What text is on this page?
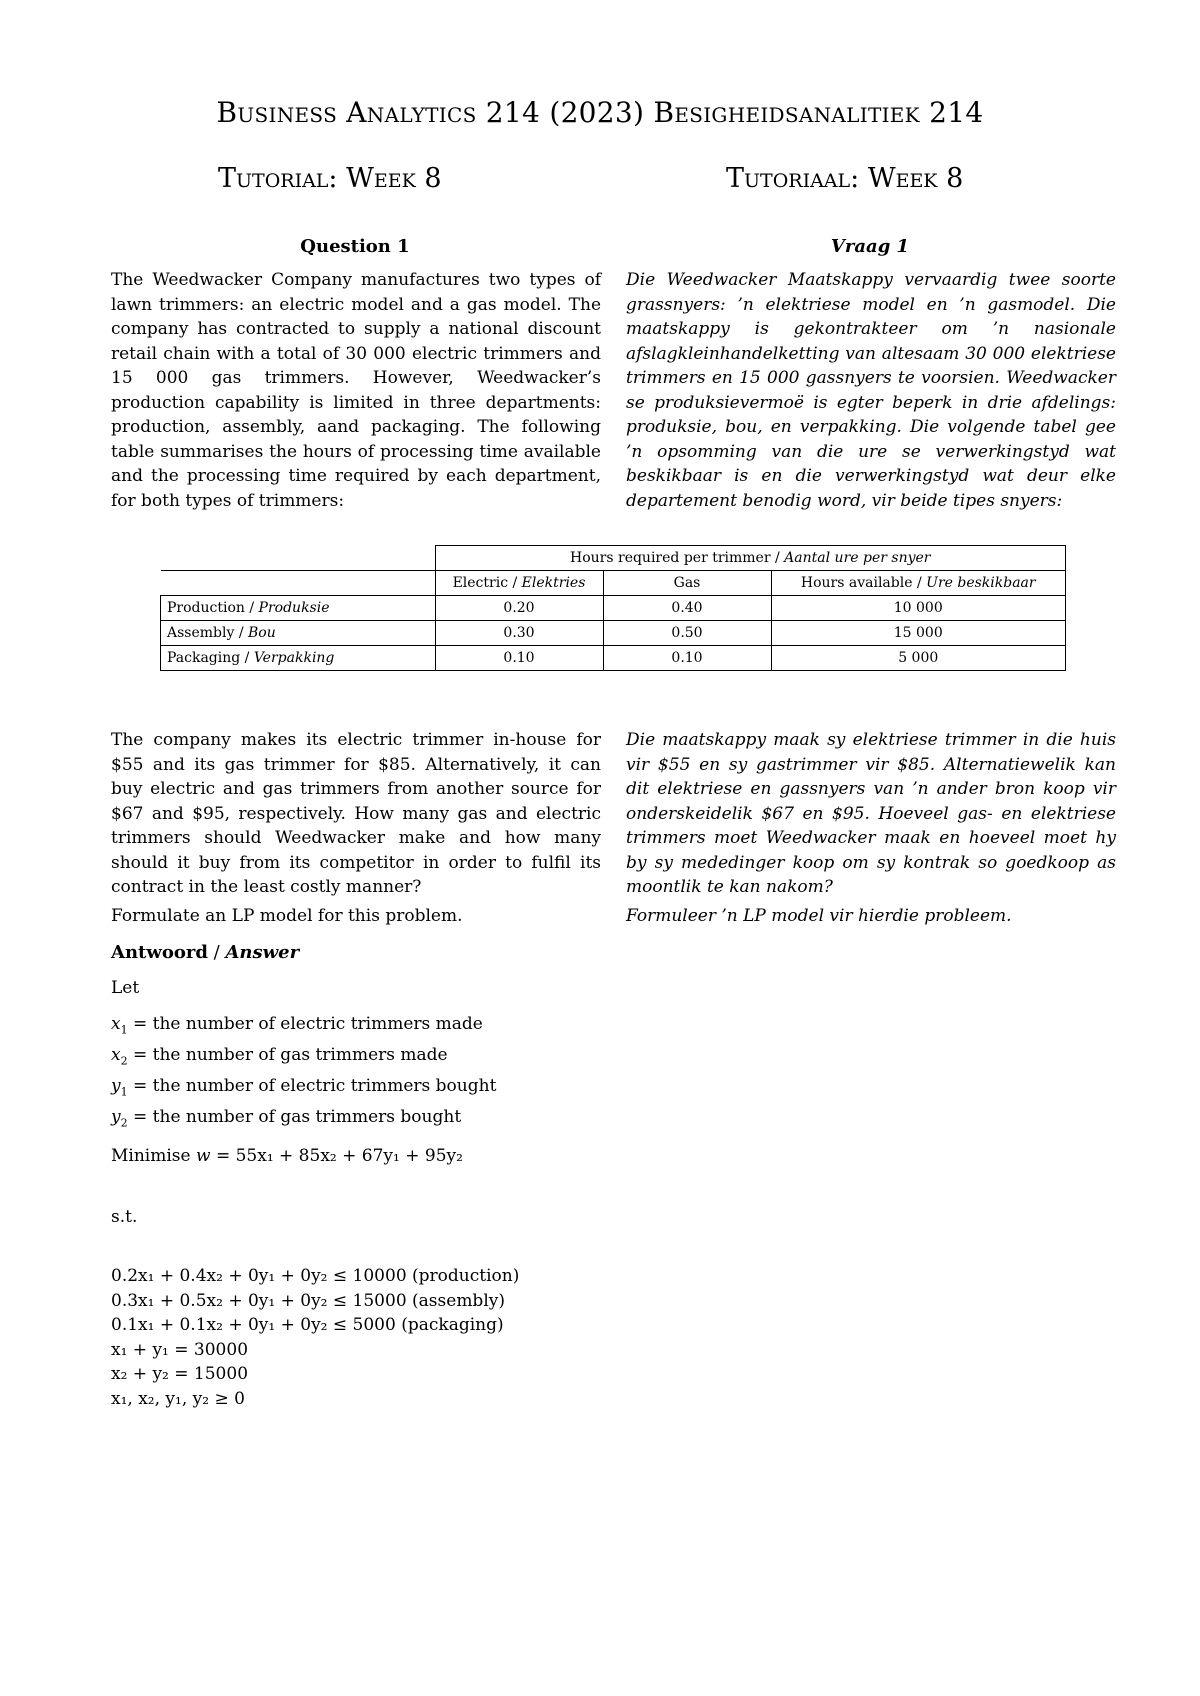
Business Analytics 214 (2023) Besigheidsanalitiek 214
Tutorial: Week 8	Tutoriaal: Week 8
Question 1	Vraag 1
The Weedwacker Company manufactures two types of lawn trimmers: an electric model and a gas model. The company has contracted to supply a national discount retail chain with a total of 30 000 electric trimmers and 15 000 gas trimmers. However, Weedwacker’s production capability is limited in three departments: production, assembly, aand packaging. The following table summarises the hours of processing time available and the processing time required by each department, for both types of trimmers:
Die Weedwacker Maatskappy vervaardig twee soorte grassnyers: ’n elektriese model en ’n gasmodel. Die maatskappy is gekontrakteer om ’n nasionale afslagkleinhandelketting van altesaam 30 000 elektriese trimmers en 15 000 gassnyers te voorsien. Weedwacker se produksievermoë is egter beperk in drie afdelings: produksie, bou, en verpakking. Die volgende tabel gee ’n opsomming van die ure se verwerkingstyd wat beskikbaar is en die verwerkingstyd wat deur elke departement benodig word, vir beide tipes snyers:
	Hours required per trimmer / Aantal ure per snyer		
	Electric / Elektries	Gas	Hours available / Ure beskikbaar
Production / Produksie	0.20	0.40	10 000
Assembly / Bou	0.30	0.50	15 000
Packaging / Verpakking	0.10	0.10	5 000
The company makes its electric trimmer in-house for $55 and its gas trimmer for $85. Alternatively, it can buy electric and gas trimmers from another source for $67 and $95, respectively. How many gas and electric trimmers should Weedwacker make and how many should it buy from its competitor in order to fulfil its contract in the least costly manner?
Die maatskappy maak sy elektriese trimmer in die huis vir $55 en sy gastrimmer vir $85. Alternatiewelik kan dit elektriese en gassnyers van ’n ander bron koop vir onderskeidelik $67 en $95. Hoeveel gas- en elektriese trimmers moet Weedwacker maak en hoeveel moet hy by sy mededinger koop om sy kontrak so goedkoop as moontlik te kan nakom?
Formulate an LP model for this problem.	Formuleer ’n LP model vir hierdie probleem.
Antwoord / Answer
Let
$x_1$ = the number of electric trimmers made
$x_2$ = the number of gas trimmers made
$y_1$ = the number of electric trimmers bought
$y_2$ = the number of gas trimmers bought
Minimise w = 55x₁ + 85x₂ + 67y₁ + 95y₂
s.t.
0.2x₁ + 0.4x₂ + 0y₁ + 0y₂ ≤ 10000 (production)
0.3x₁ + 0.5x₂ + 0y₁ + 0y₂ ≤ 15000 (assembly)
0.1x₁ + 0.1x₂ + 0y₁ + 0y₂ ≤ 5000 (packaging)
x₁ + y₁ = 30000
x₂ + y₂ = 15000
x₁, x₂, y₁, y₂ ≥ 0
